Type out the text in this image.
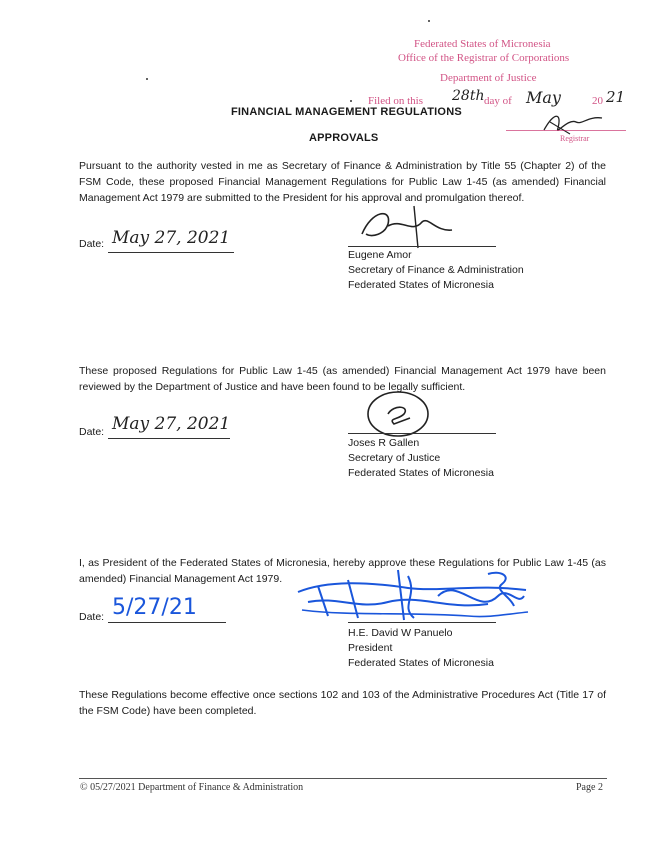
Federated States of Micronesia
Office of the Registrar of Corporations
Department of Justice
Filed on this 28th day of May	20 21
Registrar
FINANCIAL MANAGEMENT REGULATIONS
APPROVALS
Pursuant to the authority vested in me as Secretary of Finance & Administration by Title 55 (Chapter 2) of the FSM Code, these proposed Financial Management Regulations for Public Law 1-45 (as amended) Financial Management Act 1979 are submitted to the President for his approval and promulgation thereof.
Date: May 27, 2021
Eugene Amor
Secretary of Finance & Administration
Federated States of Micronesia
These proposed Regulations for Public Law 1-45 (as amended) Financial Management Act 1979 have been reviewed by the Department of Justice and have been found to be legally sufficient.
Date: May 27, 2021
Joses R Gallen
Secretary of Justice
Federated States of Micronesia
I, as President of the Federated States of Micronesia, hereby approve these Regulations for Public Law 1-45 (as amended) Financial Management Act 1979.
Date: 5/27/21
H.E. David W Panuelo
President
Federated States of Micronesia
These Regulations become effective once sections 102 and 103 of the Administrative Procedures Act (Title 17 of the FSM Code) have been completed.
© 05/27/2021 Department of Finance & Administration	Page 2
